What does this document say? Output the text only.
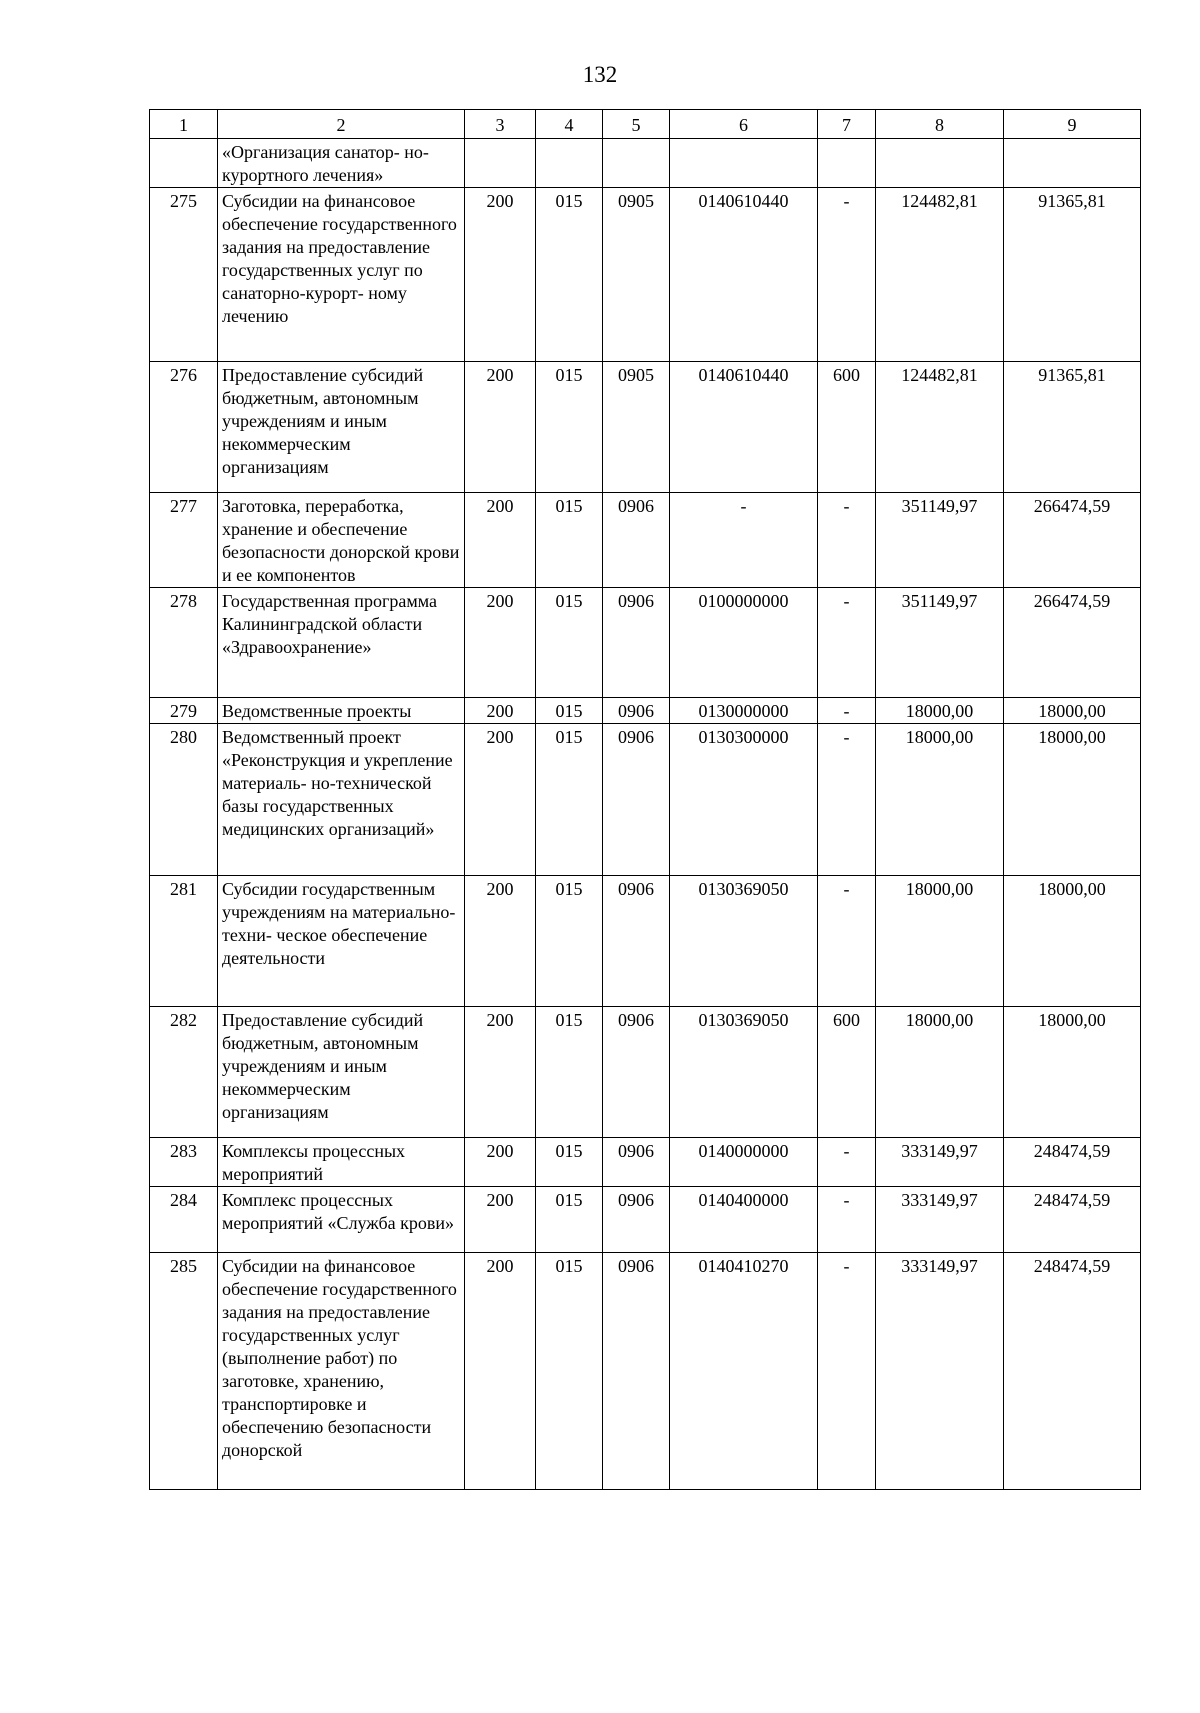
132
1	2	3	4	5	6	7	8	9
	«Организация санатор- но-курортного лечения»							
275	Субсидии на финансовое обеспечение государственного задания на предоставление государственных услуг по санаторно-курорт- ному лечению	200	015	0905	0140610440	-	124482,81	91365,81
276	Предоставление субсидий бюджетным, автономным учреждениям и иным некоммерческим организациям	200	015	0905	0140610440	600	124482,81	91365,81
277	Заготовка, переработка, хранение и обеспечение безопасности донорской крови и ее компонентов	200	015	0906	-	-	351149,97	266474,59
278	Государственная программа Калининградской области «Здравоохранение»	200	015	0906	0100000000	-	351149,97	266474,59
279	Ведомственные проекты	200	015	0906	0130000000	-	18000,00	18000,00
280	Ведомственный проект «Реконструкция и укрепление материаль- но-технической базы государственных медицинских организаций»	200	015	0906	0130300000	-	18000,00	18000,00
281	Субсидии государственным учреждениям на материально-техни- ческое обеспечение деятельности	200	015	0906	0130369050	-	18000,00	18000,00
282	Предоставление субсидий бюджетным, автономным учреждениям и иным некоммерческим организациям	200	015	0906	0130369050	600	18000,00	18000,00
283	Комплексы процессных мероприятий	200	015	0906	0140000000	-	333149,97	248474,59
284	Комплекс процессных мероприятий «Служба крови»	200	015	0906	0140400000	-	333149,97	248474,59
285	Субсидии на финансовое обеспечение государственного задания на предоставление государственных услуг (выполнение работ) по заготовке, хранению, транспортировке и обеспечению безопасности донорской	200	015	0906	0140410270	-	333149,97	248474,59
